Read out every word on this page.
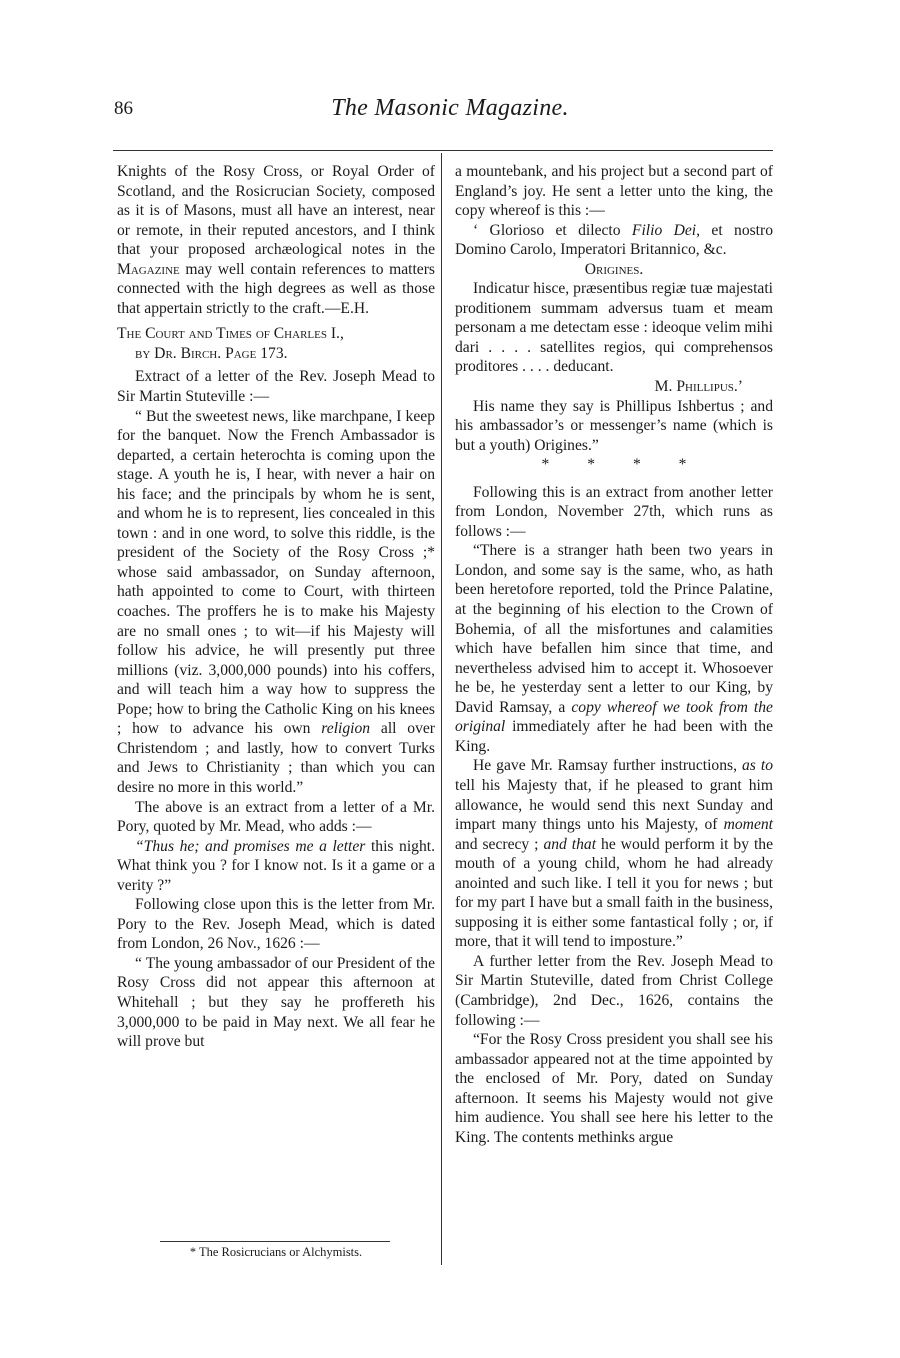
86	The Masonic Magazine.

Knights of the Rosy Cross, or Royal Order of Scotland, and the Rosicrucian Society, composed as it is of Masons, must all have an interest, near or remote, in their reputed ancestors, and I think that your proposed archæological notes in the Magazine may well contain references to matters connected with the high degrees as well as those that appertain strictly to the craft.—E.H.

The Court and Times of Charles I.,
by Dr. Birch. Page 173.

Extract of a letter of the Rev. Joseph Mead to Sir Martin Stuteville :—

“ But the sweetest news, like marchpane, I keep for the banquet. Now the French Ambassador is departed, a certain heterochta is coming upon the stage. A youth he is, I hear, with never a hair on his face; and the principals by whom he is sent, and whom he is to represent, lies concealed in this town : and in one word, to solve this riddle, is the president of the Society of the Rosy Cross ;* whose said ambassador, on Sunday afternoon, hath appointed to come to Court, with thirteen coaches. The proffers he is to make his Majesty are no small ones ; to wit—if his Majesty will follow his advice, he will presently put three millions (viz. 3,000,000 pounds) into his coffers, and will teach him a way how to suppress the Pope; how to bring the Catholic King on his knees ; how to advance his own religion all over Christendom ; and lastly, how to convert Turks and Jews to Christianity ; than which you can desire no more in this world.”

The above is an extract from a letter of a Mr. Pory, quoted by Mr. Mead, who adds :—

“Thus he; and promises me a letter this night. What think you ? for I know not. Is it a game or a verity ?”

Following close upon this is the letter from Mr. Pory to the Rev. Joseph Mead, which is dated from London, 26 Nov., 1626 :—

“ The young ambassador of our President of the Rosy Cross did not appear this afternoon at Whitehall ; but they say he proffereth his 3,000,000 to be paid in May next. We all fear he will prove but

a mountebank, and his project but a second part of England’s joy. He sent a letter unto the king, the copy whereof is this :—

‘ Glorioso et dilecto Filio Dei, et nostro Domino Carolo, Imperatori Britannico, &c.

Origines.

Indicatur hisce, præsentibus regiæ tuæ majestati proditionem summam adversus tuam et meam personam a me detectam esse : ideoque velim mihi dari . . . . satellites regios, qui comprehensos proditores . . . . deducant.

M. Phillipus.’

His name they say is Phillipus Ishbertus ; and his ambassador’s or messenger’s name (which is but a youth) Origines.”

* * * *

Following this is an extract from another letter from London, November 27th, which runs as follows :—

“There is a stranger hath been two years in London, and some say is the same, who, as hath been heretofore reported, told the Prince Palatine, at the beginning of his election to the Crown of Bohemia, of all the misfortunes and calamities which have befallen him since that time, and nevertheless advised him to accept it. Whosoever he be, he yesterday sent a letter to our King, by David Ramsay, a copy whereof we took from the original immediately after he had been with the King.

He gave Mr. Ramsay further instructions, as to tell his Majesty that, if he pleased to grant him allowance, he would send this next Sunday and impart many things unto his Majesty, of moment and secrecy ; and that he would perform it by the mouth of a young child, whom he had already anointed and such like. I tell it you for news ; but for my part I have but a small faith in the business, supposing it is either some fantastical folly ; or, if more, that it will tend to imposture.”

A further letter from the Rev. Joseph Mead to Sir Martin Stuteville, dated from Christ College (Cambridge), 2nd Dec., 1626, contains the following :—

“For the Rosy Cross president you shall see his ambassador appeared not at the time appointed by the enclosed of Mr. Pory, dated on Sunday afternoon. It seems his Majesty would not give him audience. You shall see here his letter to the King. The contents methinks argue

* The Rosicrucians or Alchymists.
